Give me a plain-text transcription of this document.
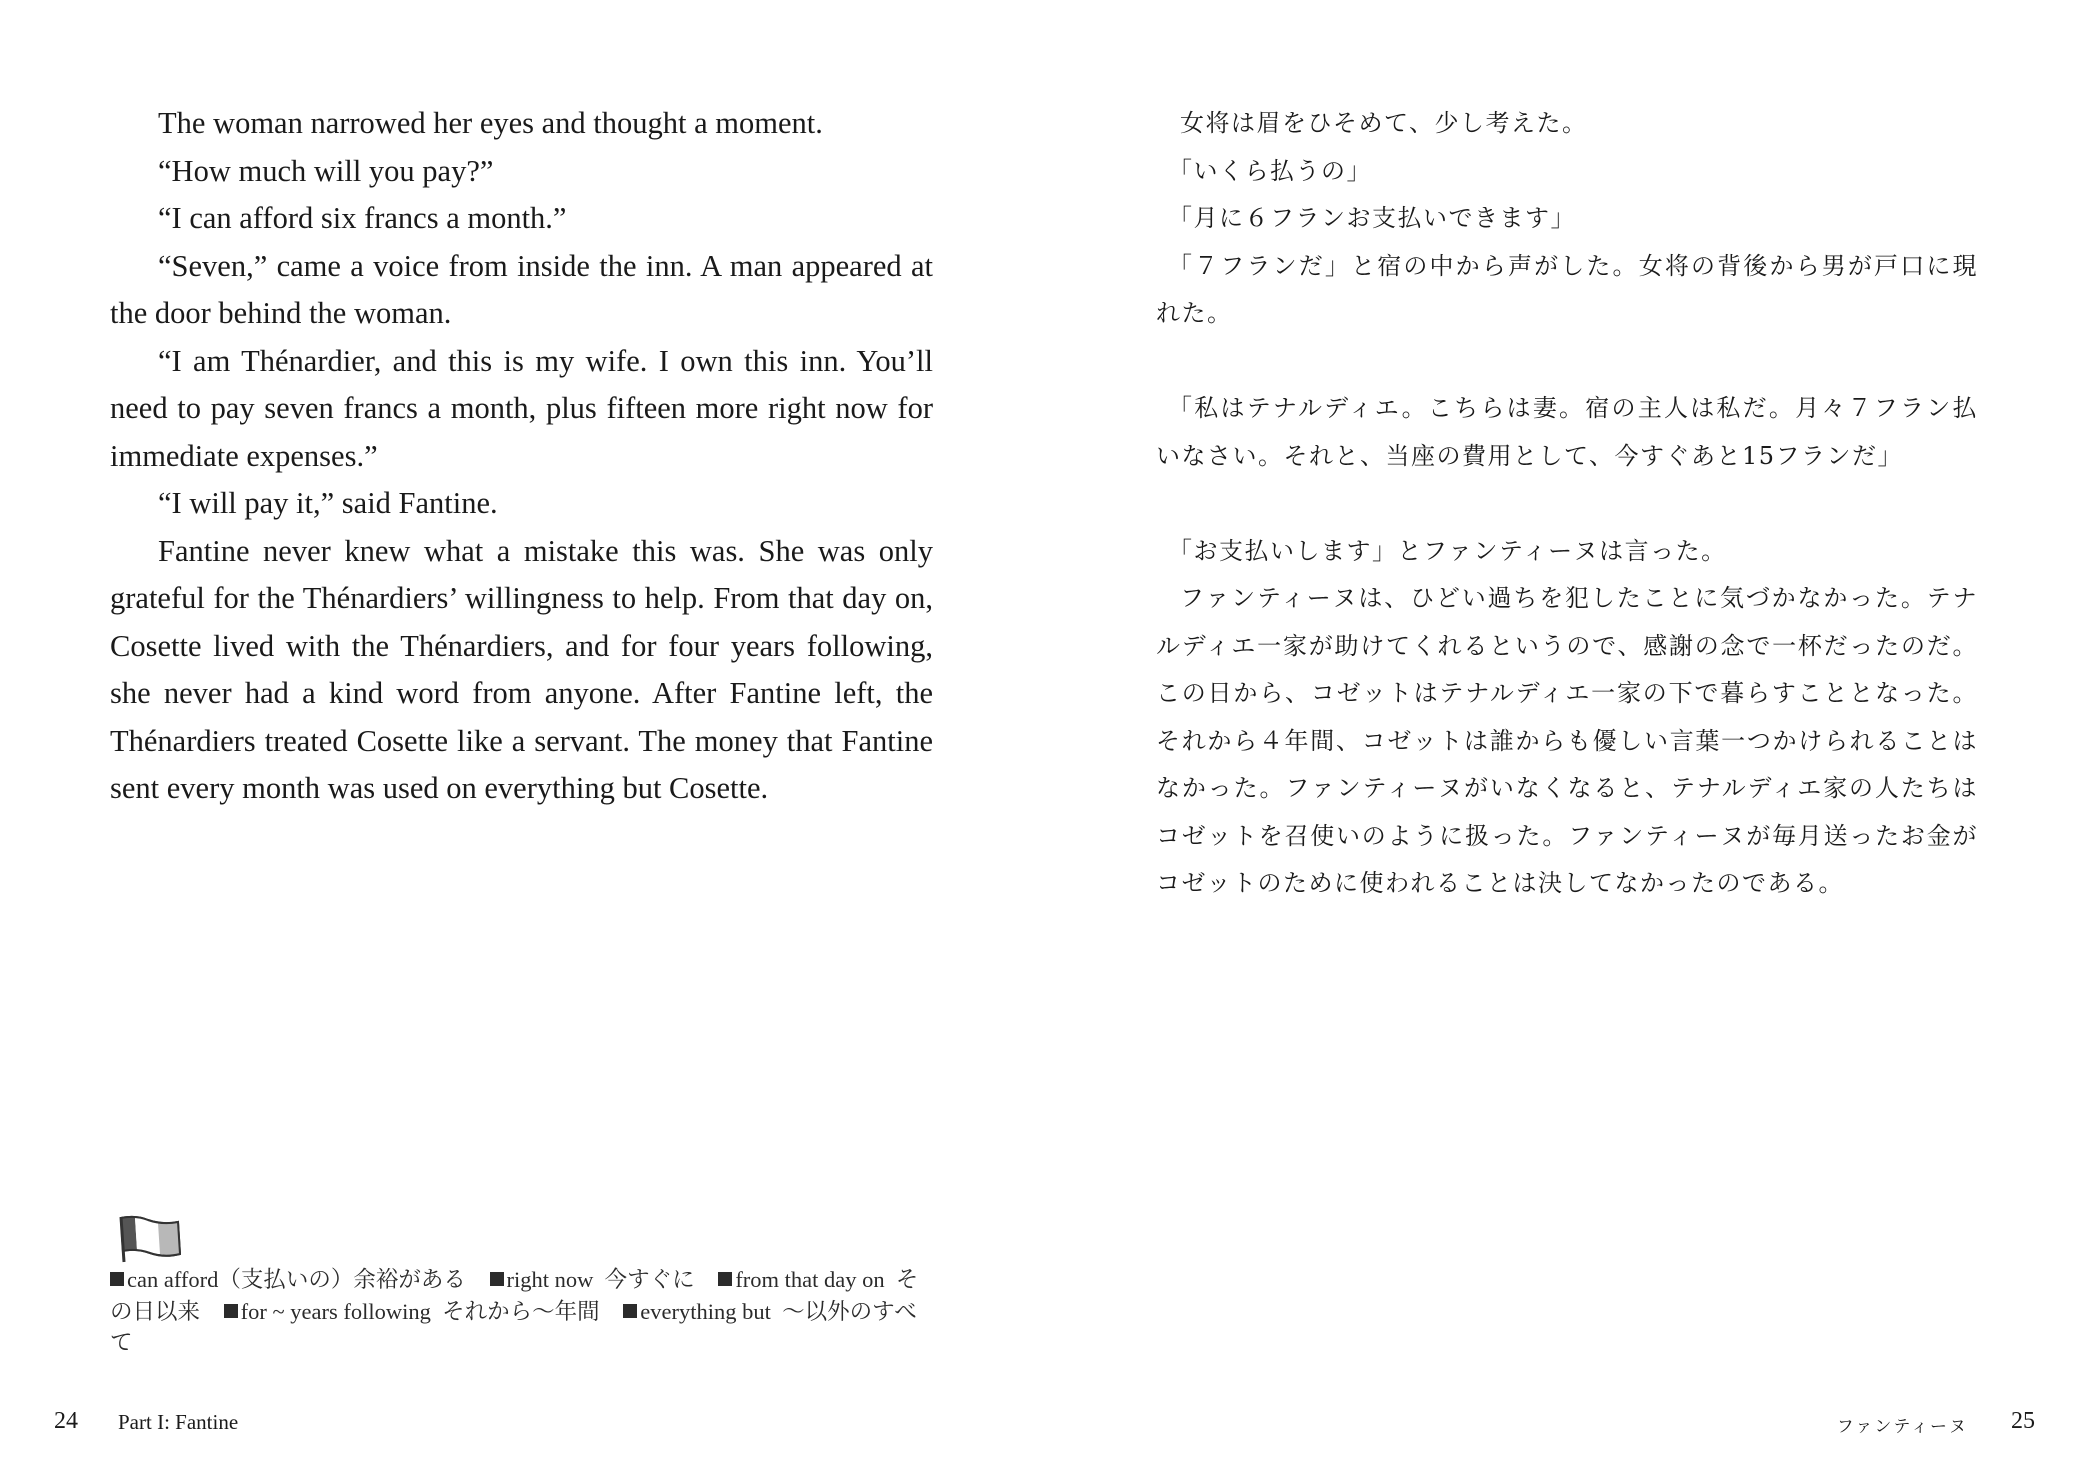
The woman narrowed her eyes and thought a moment.

“How much will you pay?”

“I can afford six francs a month.”

“Seven,” came a voice from inside the inn. A man appeared at the door behind the woman.

“I am Thénardier, and this is my wife. I own this inn. You’ll need to pay seven francs a month, plus fifteen more right now for immediate expenses.”

“I will pay it,” said Fantine.

Fantine never knew what a mistake this was. She was only grateful for the Thénardiers’ willingness to help. From that day on, Cosette lived with the Thénardiers, and for four years following, she never had a kind word from anyone. After Fantine left, the Thénardiers treated Cosette like a servant. The money that Fantine sent every month was used on everything but Cosette.

女将は眉をひそめて、少し考えた。

「いくら払うの」

「月に６フランお支払いできます」

「７フランだ」と宿の中から声がした。女将の背後から男が戸口に現れた。

「私はテナルディエ。こちらは妻。宿の主人は私だ。月々７フラン払いなさい。それと、当座の費用として、今すぐあと15フランだ」

「お支払いします」とファンティーヌは言った。

ファンティーヌは、ひどい過ちを犯したことに気づかなかった。テナルディエ一家が助けてくれるというので、感謝の念で一杯だったのだ。この日から、コゼットはテナルディエ一家の下で暮らすこととなった。それから４年間、コゼットは誰からも優しい言葉一つかけられることはなかった。ファンティーヌがいなくなると、テナルディエ家の人たちはコゼットを召使いのように扱った。ファンティーヌが毎月送ったお金がコゼットのために使われることは決してなかったのである。

can afford（支払いの）余裕がある right now 今すぐに from that day on その日以来 for ~ years following それから～年間 everything but ～以外のすべて
24 Part I: Fantine	ファンティーヌ 25
